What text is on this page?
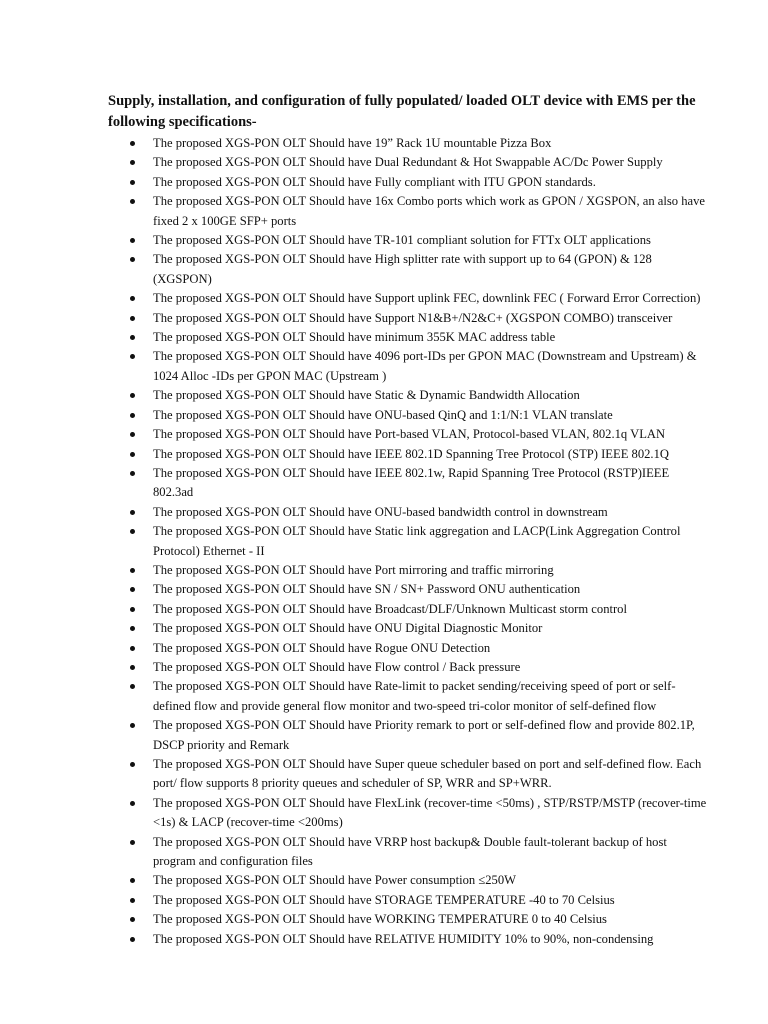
Supply, installation, and configuration of fully populated/ loaded OLT device with EMS per the following specifications-

The proposed XGS-PON OLT Should have 19” Rack 1U mountable Pizza Box
The proposed XGS-PON OLT Should have Dual Redundant & Hot Swappable AC/Dc Power Supply
The proposed XGS-PON OLT Should have Fully compliant with ITU GPON standards.
The proposed XGS-PON OLT Should have 16x Combo ports which work as GPON / XGSPON, an also have fixed 2 x 100GE SFP+ ports
The proposed XGS-PON OLT Should have TR-101 compliant solution for FTTx OLT applications
The proposed XGS-PON OLT Should have High splitter rate with support up to 64 (GPON) & 128 (XGSPON)
The proposed XGS-PON OLT Should have Support uplink FEC, downlink FEC ( Forward Error Correction)
The proposed XGS-PON OLT Should have Support N1&B+/N2&C+ (XGSPON COMBO) transceiver
The proposed XGS-PON OLT Should have minimum 355K MAC address table
The proposed XGS-PON OLT Should have 4096 port-IDs per GPON MAC (Downstream and Upstream) & 1024 Alloc -IDs per GPON MAC (Upstream )
The proposed XGS-PON OLT Should have Static & Dynamic Bandwidth Allocation
The proposed XGS-PON OLT Should have ONU-based QinQ and 1:1/N:1 VLAN translate
The proposed XGS-PON OLT Should have Port-based VLAN, Protocol-based VLAN, 802.1q VLAN
The proposed XGS-PON OLT Should have IEEE 802.1D Spanning Tree Protocol (STP) IEEE 802.1Q
The proposed XGS-PON OLT Should have IEEE 802.1w, Rapid Spanning Tree Protocol (RSTP)IEEE 802.3ad
The proposed XGS-PON OLT Should have ONU-based bandwidth control in downstream
The proposed XGS-PON OLT Should have Static link aggregation and LACP(Link Aggregation Control Protocol) Ethernet - II
The proposed XGS-PON OLT Should have Port mirroring and traffic mirroring
The proposed XGS-PON OLT Should have SN / SN+ Password ONU authentication
The proposed XGS-PON OLT Should have Broadcast/DLF/Unknown Multicast storm control
The proposed XGS-PON OLT Should have ONU Digital Diagnostic Monitor
The proposed XGS-PON OLT Should have Rogue ONU Detection
The proposed XGS-PON OLT Should have Flow control / Back pressure
The proposed XGS-PON OLT Should have Rate-limit to packet sending/receiving speed of port or self-defined flow and provide general flow monitor and two-speed tri-color monitor of self-defined flow
The proposed XGS-PON OLT Should have Priority remark to port or self-defined flow and provide 802.1P, DSCP priority and Remark
The proposed XGS-PON OLT Should have Super queue scheduler based on port and self-defined flow. Each port/ flow supports 8 priority queues and scheduler of SP, WRR and SP+WRR.
The proposed XGS-PON OLT Should have FlexLink (recover-time <50ms) , STP/RSTP/MSTP (recover-time <1s) & LACP (recover-time <200ms)
The proposed XGS-PON OLT Should have VRRP host backup& Double fault-tolerant backup of host program and configuration files
The proposed XGS-PON OLT Should have Power consumption ≤250W
The proposed XGS-PON OLT Should have STORAGE TEMPERATURE -40 to 70 Celsius
The proposed XGS-PON OLT Should have WORKING TEMPERATURE 0 to 40 Celsius
The proposed XGS-PON OLT Should have RELATIVE HUMIDITY 10% to 90%, non-condensing
